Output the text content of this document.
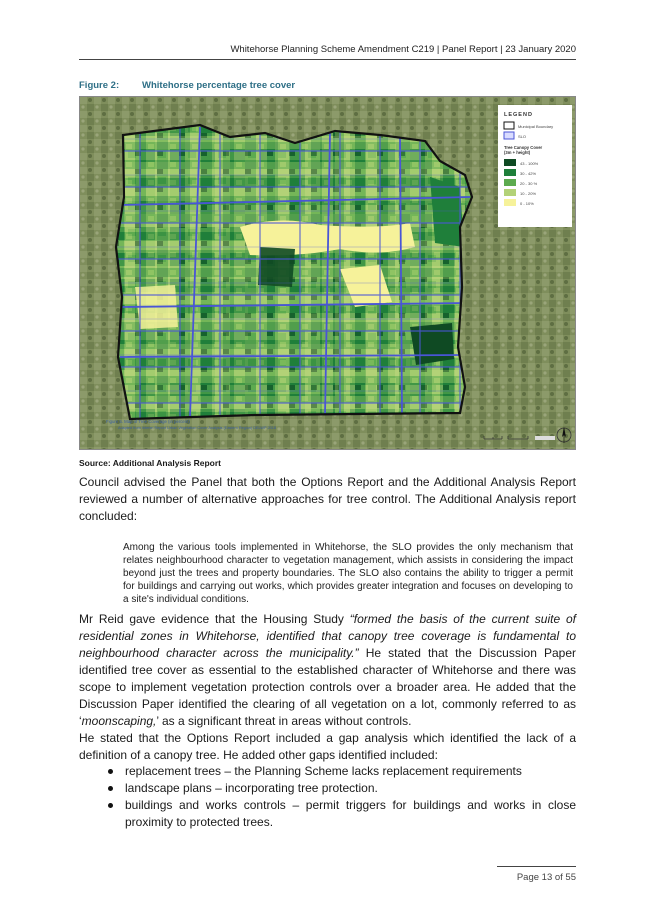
Whitehorse Planning Scheme Amendment C219 | Panel Report | 23 January 2020
Figure 2: Whitehorse percentage tree cover
LEGEND
Municipal Boundary
SLO
Tree Canopy Cover
(3m + height)
43 - 100%
30 - 42%
20 - 30 %
10 - 20%
0 - 10%
Figure 5. Map of Tree Coverage (in percent)
Adapted from Interim Report Urban Vegetation Cover Analysis (Eastern Region) DELWP 2018
Source: Additional Analysis Report

Council advised the Panel that both the Options Report and the Additional Analysis Report reviewed a number of alternative approaches for tree control. The Additional Analysis report concluded:

Among the various tools implemented in Whitehorse, the SLO provides the only mechanism that relates neighbourhood character to vegetation management, which assists in considering the impact beyond just the trees and property boundaries. The SLO also contains the ability to trigger a permit for buildings and carrying out works, which provides greater integration and focuses on developing to a site's individual conditions.

Mr Reid gave evidence that the Housing Study “formed the basis of the current suite of residential zones in Whitehorse, identified that canopy tree coverage is fundamental to neighbourhood character across the municipality.” He stated that the Discussion Paper identified tree cover as essential to the established character of Whitehorse and there was scope to implement vegetation protection controls over a broader area. He added that the Discussion Paper identified the clearing of all vegetation on a lot, commonly referred to as ‘moonscaping,’ as a significant threat in areas without controls.

He stated that the Options Report included a gap analysis which identified the lack of a definition of a canopy tree. He added other gaps identified included:

replacement trees – the Planning Scheme lacks replacement requirements
landscape plans – incorporating tree protection.
buildings and works controls – permit triggers for buildings and works in close proximity to protected trees.
Page 13 of 55
